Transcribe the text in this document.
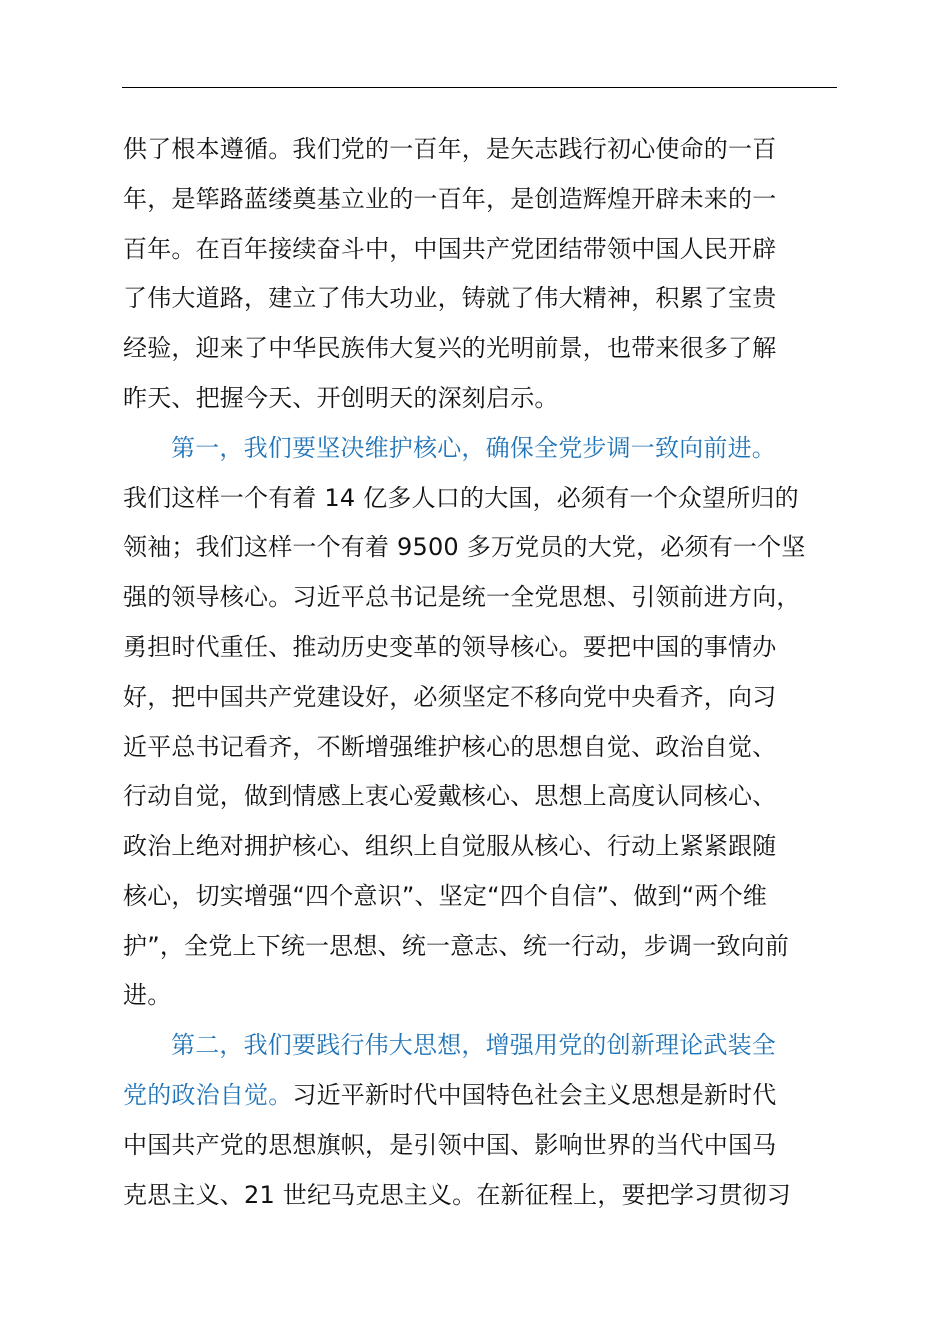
供了根本遵循。我们党的一百年，是矢志践行初心使命的一百
年，是筚路蓝缕奠基立业的一百年，是创造辉煌开辟未来的一
百年。在百年接续奋斗中，中国共产党团结带领中国人民开辟
了伟大道路，建立了伟大功业，铸就了伟大精神，积累了宝贵
经验，迎来了中华民族伟大复兴的光明前景，也带来很多了解
昨天、把握今天、开创明天的深刻启示。
第一，我们要坚决维护核心，确保全党步调一致向前进。
我们这样一个有着 14 亿多人口的大国，必须有一个众望所归的
领袖；我们这样一个有着 9500 多万党员的大党，必须有一个坚
强的领导核心。习近平总书记是统一全党思想、引领前进方向，
勇担时代重任、推动历史变革的领导核心。要把中国的事情办
好，把中国共产党建设好，必须坚定不移向党中央看齐，向习
近平总书记看齐，不断增强维护核心的思想自觉、政治自觉、
行动自觉，做到情感上衷心爱戴核心、思想上高度认同核心、
政治上绝对拥护核心、组织上自觉服从核心、行动上紧紧跟随
核心，切实增强“四个意识”、坚定“四个自信”、做到“两个维
护”，全党上下统一思想、统一意志、统一行动，步调一致向前
进。
第二，我们要践行伟大思想，增强用党的创新理论武装全
党的政治自觉。习近平新时代中国特色社会主义思想是新时代
中国共产党的思想旗帜，是引领中国、影响世界的当代中国马
克思主义、21 世纪马克思主义。在新征程上，要把学习贯彻习
